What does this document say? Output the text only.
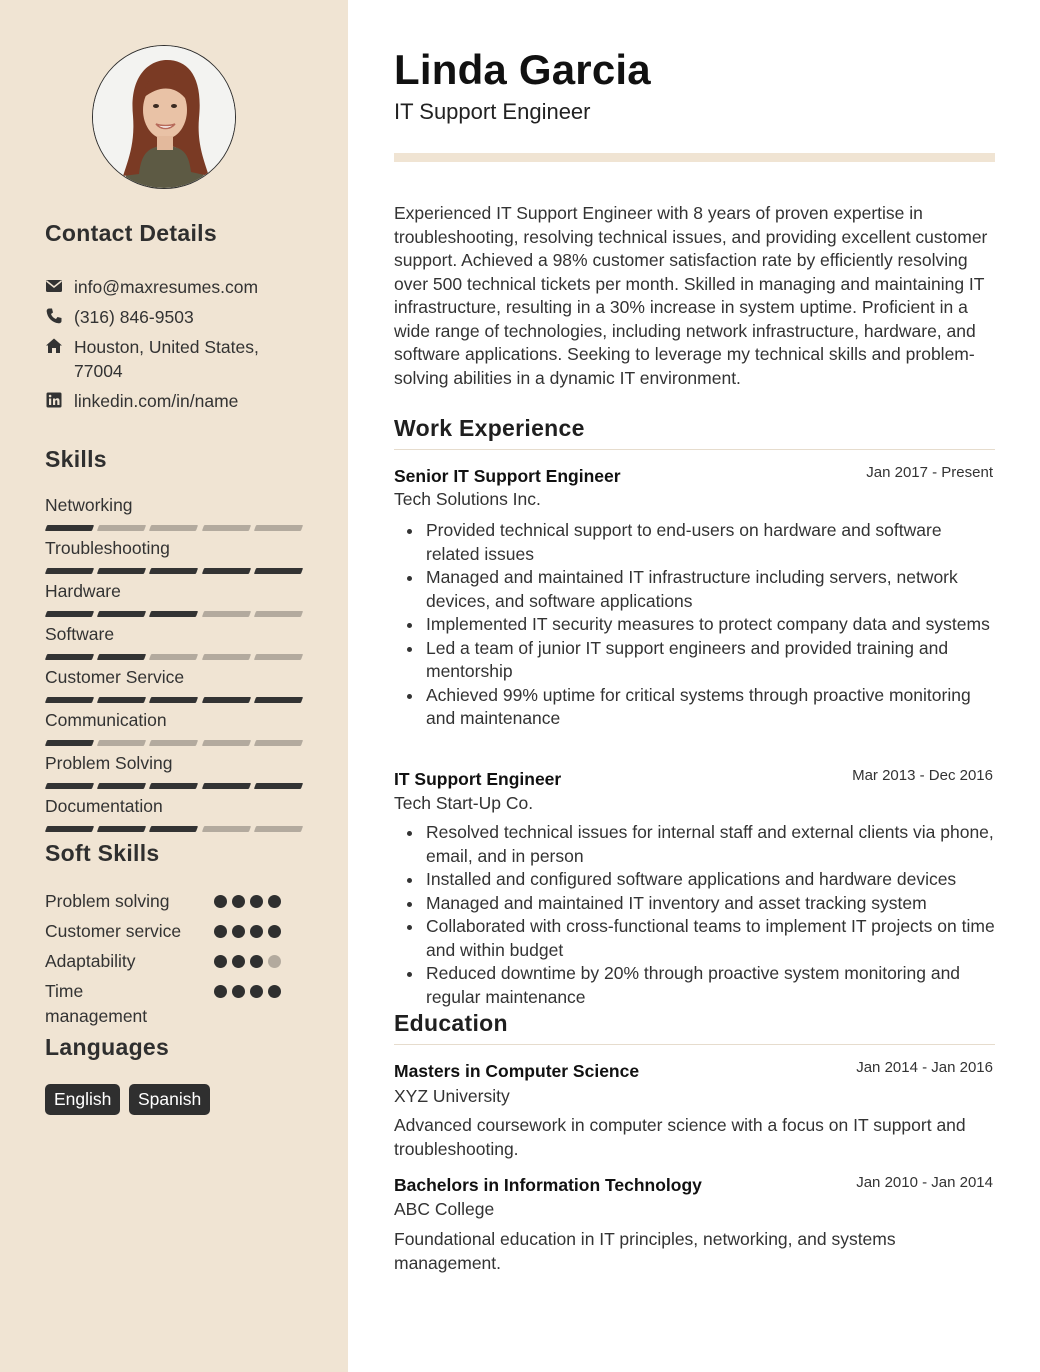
Contact Details
info@maxresumes.com
(316) 846-9503
Houston, United States,
77004
linkedin.com/in/name
Skills
Networking
Troubleshooting
Hardware
Software
Customer Service
Communication
Problem Solving
Documentation
Soft Skills
Problem solving
Customer service
Adaptability
Time management
Languages
English	Spanish
Linda Garcia
IT Support Engineer

Experienced IT Support Engineer with 8 years of proven expertise in troubleshooting, resolving technical issues, and providing excellent customer support. Achieved a 98% customer satisfaction rate by efficiently resolving over 500 technical tickets per month. Skilled in managing and maintaining IT infrastructure, resulting in a 30% increase in system uptime. Proficient in a wide range of technologies, including network infrastructure, hardware, and software applications. Seeking to leverage my technical skills and problem-solving abilities in a dynamic IT environment.

Work Experience
Senior IT Support Engineer	Jan 2017 - Present
Tech Solutions Inc.
Provided technical support to end-users on hardware and software related issues
Managed and maintained IT infrastructure including servers, network devices, and software applications
Implemented IT security measures to protect company data and systems
Led a team of junior IT support engineers and provided training and mentorship
Achieved 99% uptime for critical systems through proactive monitoring and maintenance
IT Support Engineer	Mar 2013 - Dec 2016
Tech Start-Up Co.
Resolved technical issues for internal staff and external clients via phone, email, and in person
Installed and configured software applications and hardware devices
Managed and maintained IT inventory and asset tracking system
Collaborated with cross-functional teams to implement IT projects on time and within budget
Reduced downtime by 20% through proactive system monitoring and regular maintenance
Education
Masters in Computer Science	Jan 2014 - Jan 2016
XYZ University

Advanced coursework in computer science with a focus on IT support and troubleshooting.

Bachelors in Information Technology	Jan 2010 - Jan 2014
ABC College

Foundational education in IT principles, networking, and systems management.
